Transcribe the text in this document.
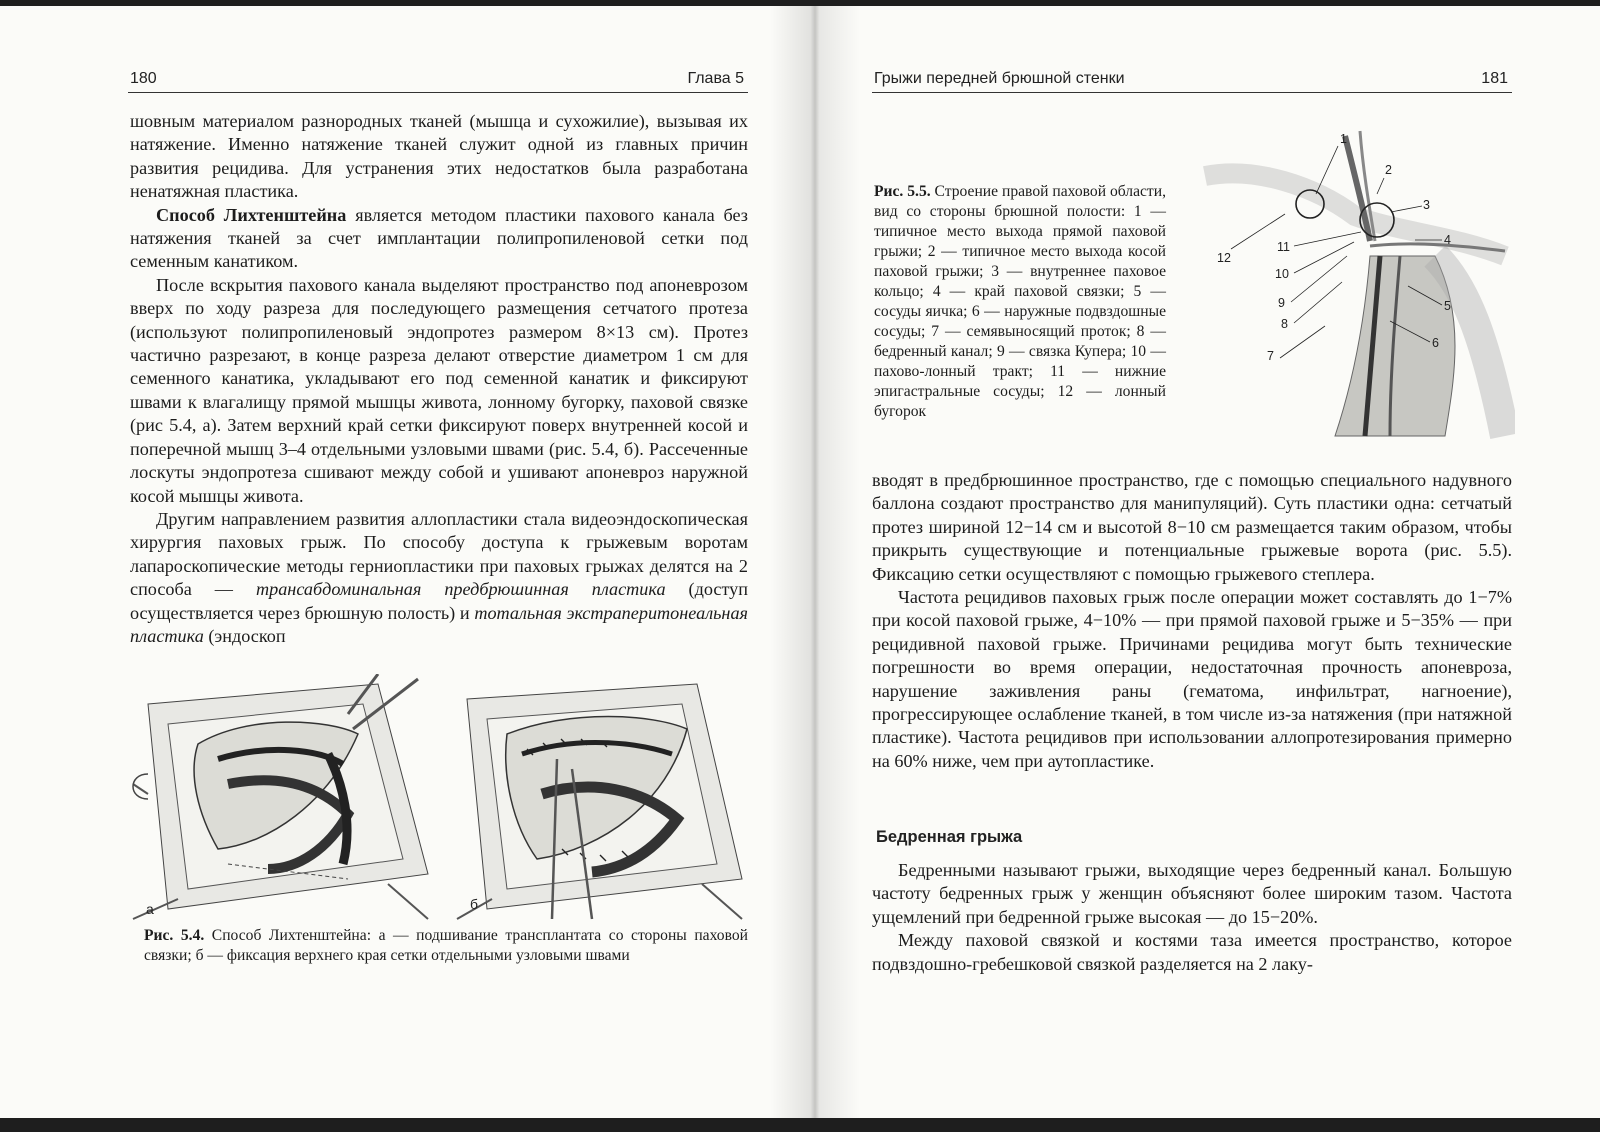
180	Глава 5

шовным материалом разнородных тканей (мышца и сухожилие), вызывая их натяжение. Именно натяжение тканей служит одной из главных причин развития рецидива. Для устранения этих недостатков была разработана ненатяжная пластика.

Способ Лихтенштейна является методом пластики пахового канала без натяжения тканей за счет имплантации полипропиленовой сетки под семенным канатиком.

После вскрытия пахового канала выделяют пространство под апоневрозом вверх по ходу разреза для последующего размещения сетчатого протеза (используют полипропиленовый эндопротез размером 8×13 см). Протез частично разрезают, в конце разреза делают отверстие диаметром 1 см для семенного канатика, укладывают его под семенной канатик и фиксируют швами к влагалищу прямой мышцы живота, лонному бугорку, паховой связке (рис 5.4, а). Затем верхний край сетки фиксируют поверх внутренней косой и поперечной мышц 3–4 отдельными узловыми швами (рис. 5.4, б). Рассеченные лоскуты эндопротеза сшивают между собой и ушивают апоневроз наружной косой мышцы живота.

Другим направлением развития аллопластики стала видеоэндоскопическая хирургия паховых грыж. По способу доступа к грыжевым воротам лапароскопические методы герниопластики при паховых грыжах делятся на 2 способа — трансабдоминальная предбрюшинная пластика (доступ осуществляется через брюшную полость) и тотальная экстраперитонеальная пластика (эндоскоп

а	б
Рис. 5.4. Способ Лихтенштейна: а — подшивание трансплантата со стороны паховой связки; б — фиксация верхнего края сетки отдельными узловыми швами
Грыжи передней брюшной стенки	181
Рис. 5.5. Строение правой паховой области, вид со стороны брюшной полости: 1 — типичное место выхода прямой паховой грыжи; 2 — типичное место выхода косой паховой грыжи; 3 — внутреннее паховое кольцо; 4 — край паховой связки; 5 — сосуды яичка; 6 — наружные подвздошные сосуды; 7 — семявыносящий проток; 8 — бедренный канал; 9 — связка Купера; 10 — пахово-лонный тракт; 11 — нижние эпигастральные сосуды; 12 — лонный бугорок
1
2
3
4
5
6
7
8
9
10
11
12

вводят в предбрюшинное пространство, где с помощью специального надувного баллона создают пространство для манипуляций). Суть пластики одна: сетчатый протез шириной 12−14 см и высотой 8−10 см размещается таким образом, чтобы прикрыть существующие и потенциальные грыжевые ворота (рис. 5.5). Фиксацию сетки осуществляют с помощью грыжевого степлера.

Частота рецидивов паховых грыж после операции может составлять до 1−7% при косой паховой грыже, 4−10% — при прямой паховой грыже и 5−35% — при рецидивной паховой грыже. Причинами рецидива могут быть технические погрешности во время операции, недостаточная прочность апоневроза, нарушение заживления раны (гематома, инфильтрат, нагноение), прогрессирующее ослабление тканей, в том числе из-за натяжения (при натяжной пластике). Частота рецидивов при использовании аллопротезирования примерно на 60% ниже, чем при аутопластике.

Бедренная грыжа

Бедренными называют грыжи, выходящие через бедренный канал. Большую частоту бедренных грыж у женщин объясняют более широким тазом. Частота ущемлений при бедренной грыже высокая — до 15−20%.

Между паховой связкой и костями таза имеется пространство, которое подвздошно-гребешковой связкой разделяется на 2 лаку-
